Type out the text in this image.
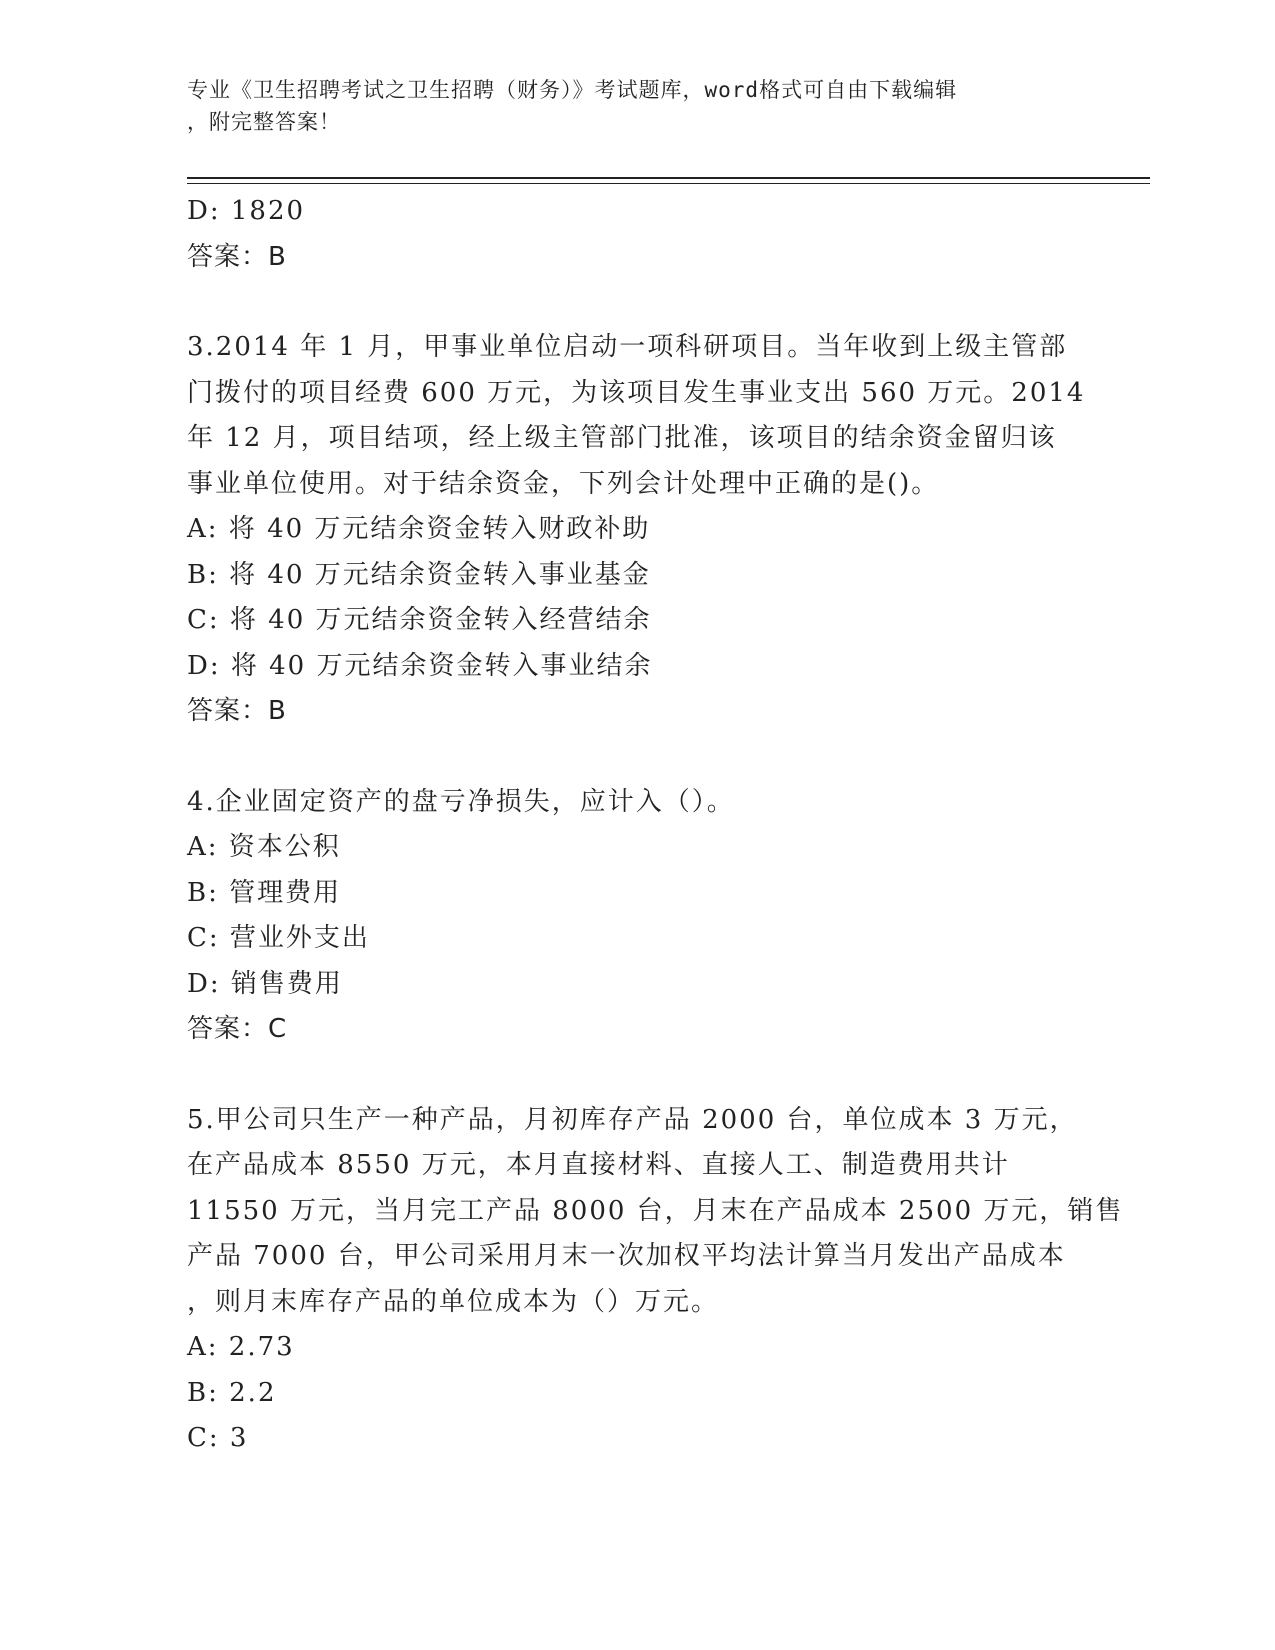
专业《卫生招聘考试之卫生招聘（财务）》考试题库，word格式可自由下载编辑
，附完整答案！
D: 1820
答案：B
3.2014 年 1 月，甲事业单位启动一项科研项目。当年收到上级主管部
门拨付的项目经费 600 万元，为该项目发生事业支出 560 万元。2014
年 12 月，项目结项，经上级主管部门批准，该项目的结余资金留归该
事业单位使用。对于结余资金，下列会计处理中正确的是()。
A: 将 40 万元结余资金转入财政补助
B: 将 40 万元结余资金转入事业基金
C: 将 40 万元结余资金转入经营结余
D: 将 40 万元结余资金转入事业结余
答案：B
4.企业固定资产的盘亏净损失，应计入（）。
A: 资本公积
B: 管理费用
C: 营业外支出
D: 销售费用
答案：C
5.甲公司只生产一种产品，月初库存产品 2000 台，单位成本 3 万元，
在产品成本 8550 万元，本月直接材料、直接人工、制造费用共计
11550 万元，当月完工产品 8000 台，月末在产品成本 2500 万元，销售
产品 7000 台，甲公司采用月末一次加权平均法计算当月发出产品成本
，则月末库存产品的单位成本为（）万元。
A: 2.73
B: 2.2
C: 3
